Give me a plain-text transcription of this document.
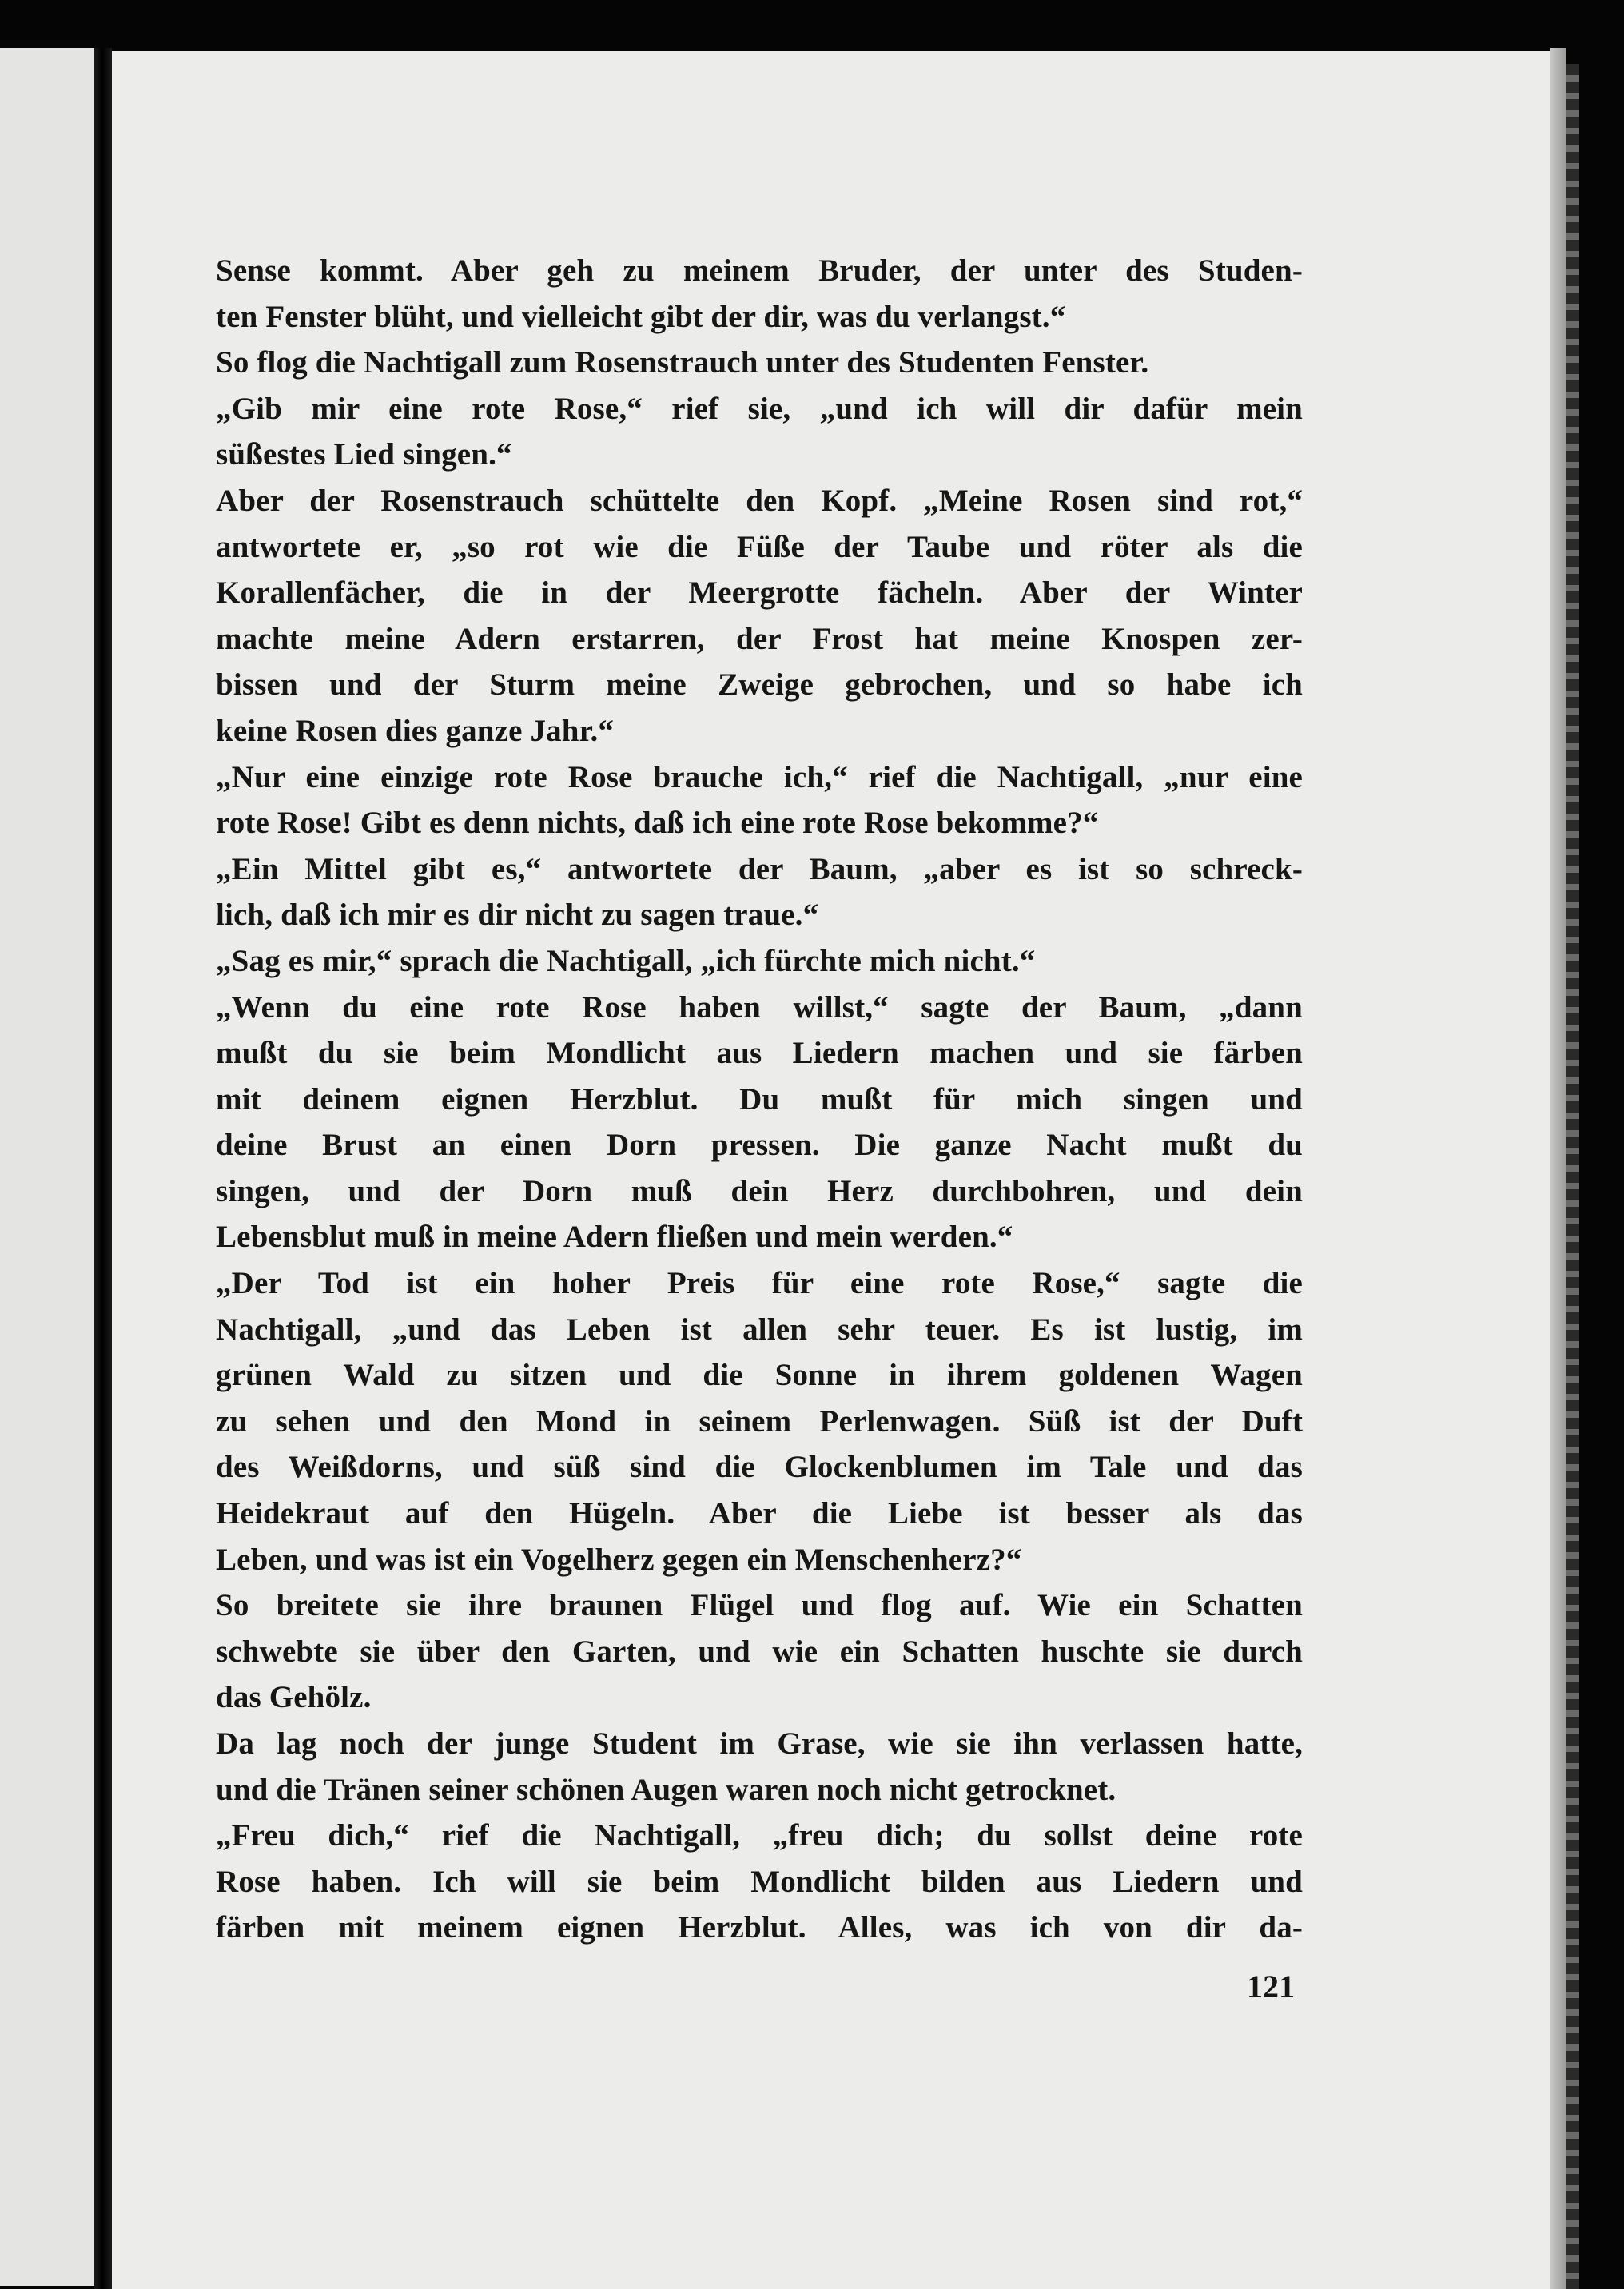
Sense kommt. Aber geh zu meinem Bruder, der unter des Studen-
ten Fenster blüht, und vielleicht gibt der dir, was du verlangst.“
So flog die Nachtigall zum Rosenstrauch unter des Studenten Fenster.
„Gib mir eine rote Rose,“ rief sie, „und ich will dir dafür mein
süßestes Lied singen.“
Aber der Rosenstrauch schüttelte den Kopf. „Meine Rosen sind rot,“
antwortete er, „so rot wie die Füße der Taube und röter als die
Korallenfächer, die in der Meergrotte fächeln. Aber der Winter
machte meine Adern erstarren, der Frost hat meine Knospen zer-
bissen und der Sturm meine Zweige gebrochen, und so habe ich
keine Rosen dies ganze Jahr.“
„Nur eine einzige rote Rose brauche ich,“ rief die Nachtigall, „nur eine
rote Rose! Gibt es denn nichts, daß ich eine rote Rose bekomme?“
„Ein Mittel gibt es,“ antwortete der Baum, „aber es ist so schreck-
lich, daß ich mir es dir nicht zu sagen traue.“
„Sag es mir,“ sprach die Nachtigall, „ich fürchte mich nicht.“
„Wenn du eine rote Rose haben willst,“ sagte der Baum, „dann
mußt du sie beim Mondlicht aus Liedern machen und sie färben
mit deinem eignen Herzblut. Du mußt für mich singen und
deine Brust an einen Dorn pressen. Die ganze Nacht mußt du
singen, und der Dorn muß dein Herz durchbohren, und dein
Lebensblut muß in meine Adern fließen und mein werden.“
„Der Tod ist ein hoher Preis für eine rote Rose,“ sagte die
Nachtigall, „und das Leben ist allen sehr teuer. Es ist lustig, im
grünen Wald zu sitzen und die Sonne in ihrem goldenen Wagen
zu sehen und den Mond in seinem Perlenwagen. Süß ist der Duft
des Weißdorns, und süß sind die Glockenblumen im Tale und das
Heidekraut auf den Hügeln. Aber die Liebe ist besser als das
Leben, und was ist ein Vogelherz gegen ein Menschenherz?“
So breitete sie ihre braunen Flügel und flog auf. Wie ein Schatten
schwebte sie über den Garten, und wie ein Schatten huschte sie durch
das Gehölz.
Da lag noch der junge Student im Grase, wie sie ihn verlassen hatte,
und die Tränen seiner schönen Augen waren noch nicht getrocknet.
„Freu dich,“ rief die Nachtigall, „freu dich; du sollst deine rote
Rose haben. Ich will sie beim Mondlicht bilden aus Liedern und
färben mit meinem eignen Herzblut. Alles, was ich von dir da-
121
